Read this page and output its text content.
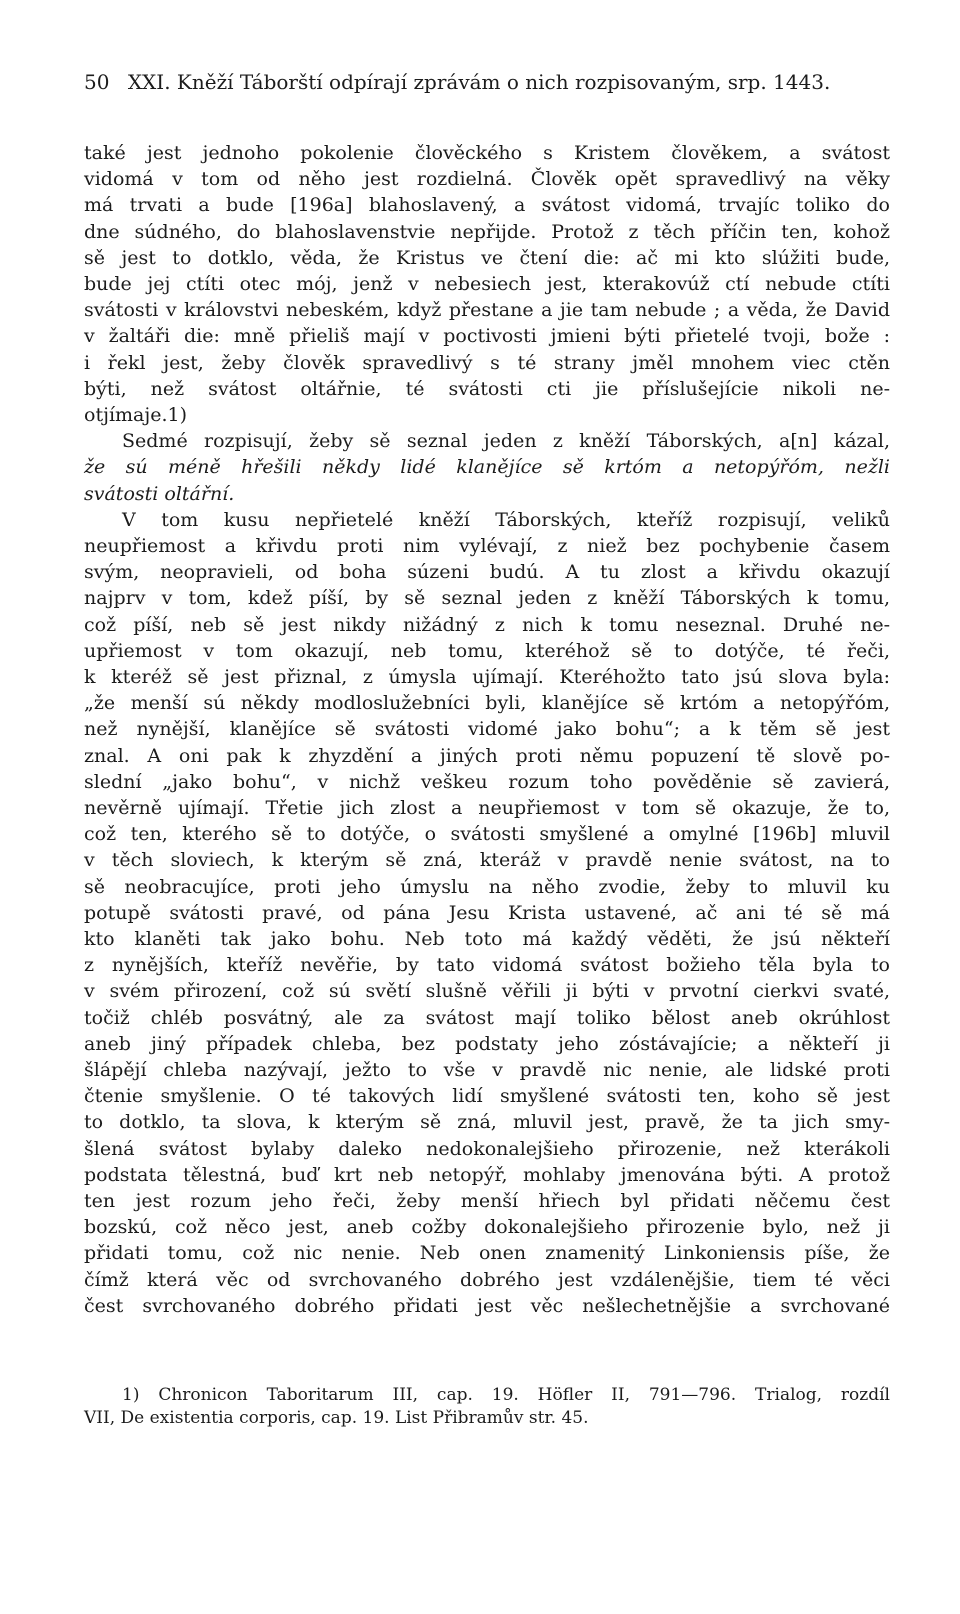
50 XXI. Kněží Táborští odpírají zprávám o nich rozpisovaným, srp. 1443.
také jest jednoho pokolenie člověckého s Kristem člověkem, a svátost
vidomá v tom od něho jest rozdielná. Člověk opět spravedlivý na věky
má trvati a bude [196a] blahoslavený, a svátost vidomá, trvajíc toliko do
dne súdného, do blahoslavenstvie nepřijde. Protož z těch příčin ten, kohož
sě jest to dotklo, věda, že Kristus ve čtení die: ač mi kto slúžiti bude,
bude jej ctíti otec mój, jenž v nebesiech jest, kterakovúž ctí nebude ctíti
svátosti v královstvi nebeském, když přestane a jie tam nebude ; a věda, že David
v žaltáři die: mně přieliš mají v poctivosti jmieni býti přietelé tvoji, bože :
i řekl jest, žeby člověk spravedlivý s té strany jměl mnohem viec ctěn
býti, než svátost oltářnie, té svátosti cti jie příslušejície nikoli ne-
otjímaje.1)
Sedmé rozpisují, žeby sě seznal jeden z kněží Táborských, a[n] kázal,
že sú méně hřešili někdy lidé klanějíce sě krtóm a netopýřóm, nežli
svátosti oltářní.
V tom kusu nepřietelé kněží Táborských, kteříž rozpisují, veliků
neupřiemost a křivdu proti nim vylévají, z niež bez pochybenie časem
svým, neopravieli, od boha súzeni budú. A tu zlost a křivdu okazují
najprv v tom, kdež píší, by sě seznal jeden z kněží Táborských k tomu,
což píší, neb sě jest nikdy nižádný z nich k tomu neseznal. Druhé ne-
upřiemost v tom okazují, neb tomu, kteréhož sě to dotýče, té řeči,
k kteréž sě jest přiznal, z úmysla ujímají. Kteréhožto tato jsú slova byla:
„že menší sú někdy modloslužebníci byli, klanějíce sě krtóm a netopýřóm,
než nynější, klanějíce sě svátosti vidomé jako bohu“; a k těm sě jest
znal. A oni pak k zhyzdění a jiných proti němu popuzení tě slově po-
slední „jako bohu“, v nichž veškeu rozum toho pověděnie sě zavierá,
nevěrně ujímají. Třetie jich zlost a neupřiemost v tom sě okazuje, že to,
což ten, kterého sě to dotýče, o svátosti smyšlené a omylné [196b] mluvil
v těch sloviech, k kterým sě zná, kteráž v pravdě nenie svátost, na to
sě neobracujíce, proti jeho úmyslu na něho zvodie, žeby to mluvil ku
potupě svátosti pravé, od pána Jesu Krista ustavené, ač ani té sě má
kto klaněti tak jako bohu. Neb toto má každý věděti, že jsú někteří
z nynějších, kteříž nevěřie, by tato vidomá svátost božieho těla byla to
v svém přirození, což sú světí slušně věřili ji býti v prvotní cierkvi svaté,
točiž chléb posvátný, ale za svátost mají toliko bělost aneb okrúhlost
aneb jiný případek chleba, bez podstaty jeho zóstávajície; a někteří ji
šlápějí chleba nazývají, ježto to vše v pravdě nic nenie, ale lidské proti
čtenie smyšlenie. O té takových lidí smyšlené svátosti ten, koho sě jest
to dotklo, ta slova, k kterým sě zná, mluvil jest, pravě, že ta jich smy-
šlená svátost bylaby daleko nedokonalejšieho přirozenie, než kterákoli
podstata tělestná, buď krt neb netopýř, mohlaby jmenována býti. A protož
ten jest rozum jeho řeči, žeby menší hřiech byl přidati něčemu čest
bozskú, což něco jest, aneb cožby dokonalejšieho přirozenie bylo, než ji
přidati tomu, což nic nenie. Neb onen znamenitý Linkoniensis píše, že
čímž která věc od svrchovaného dobrého jest vzdálenějšie, tiem té věci
čest svrchovaného dobrého přidati jest věc nešlechetnějšie a svrchované
1) Chronicon Taboritarum III, cap. 19. Höfler II, 791—796. Trialog, rozdíl
VII, De existentia corporis, cap. 19. List Přibramův str. 45.
